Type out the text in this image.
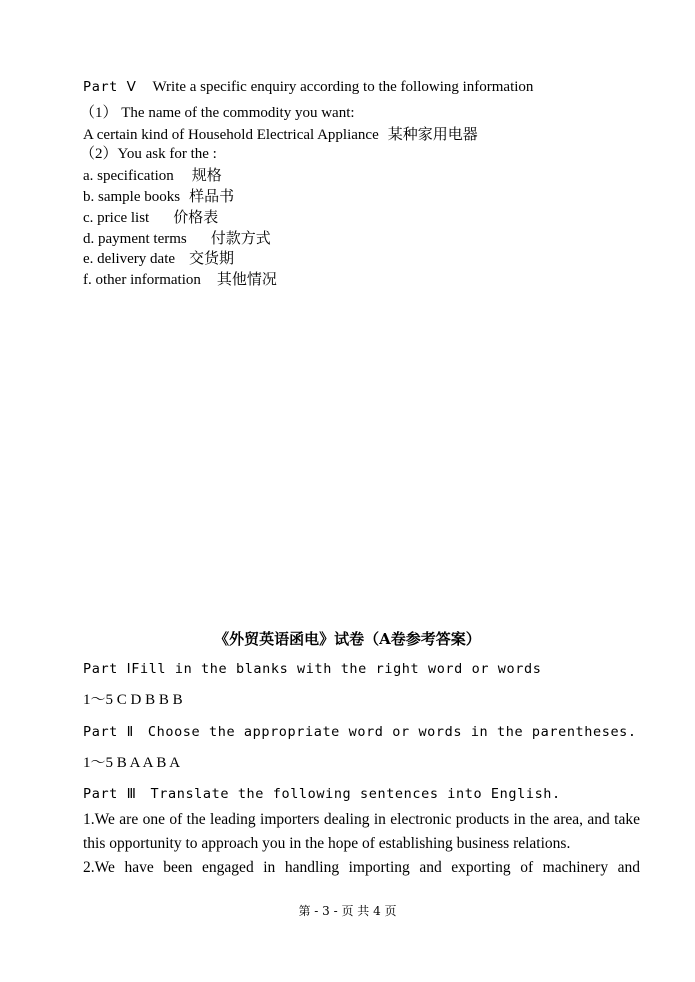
Part Ⅴ Write a specific enquiry according to the following information
（1） The name of the commodity you want:
A certain kind of Household Electrical Appliance 某种家用电器
（2）You ask for the :
a. specification 规格
b. sample books 样品书
c. price list 价格表
d. payment terms 付款方式
e. delivery date 交货期
f. other information 其他情况
《外贸英语函电》试卷（A卷参考答案）
Part ⅠFill in the blanks with the right word or words
1～5 C D B B B
Part Ⅱ Choose the appropriate word or words in the parentheses.
1～5 B A A B A
Part Ⅲ Translate the following sentences into English.
1.We are one of the leading importers dealing in electronic products in the area, and take this opportunity to approach you in the hope of establishing business relations.
2.We have been engaged in handling importing and exporting of machinery and
第 - 3 - 页 共 4 页
